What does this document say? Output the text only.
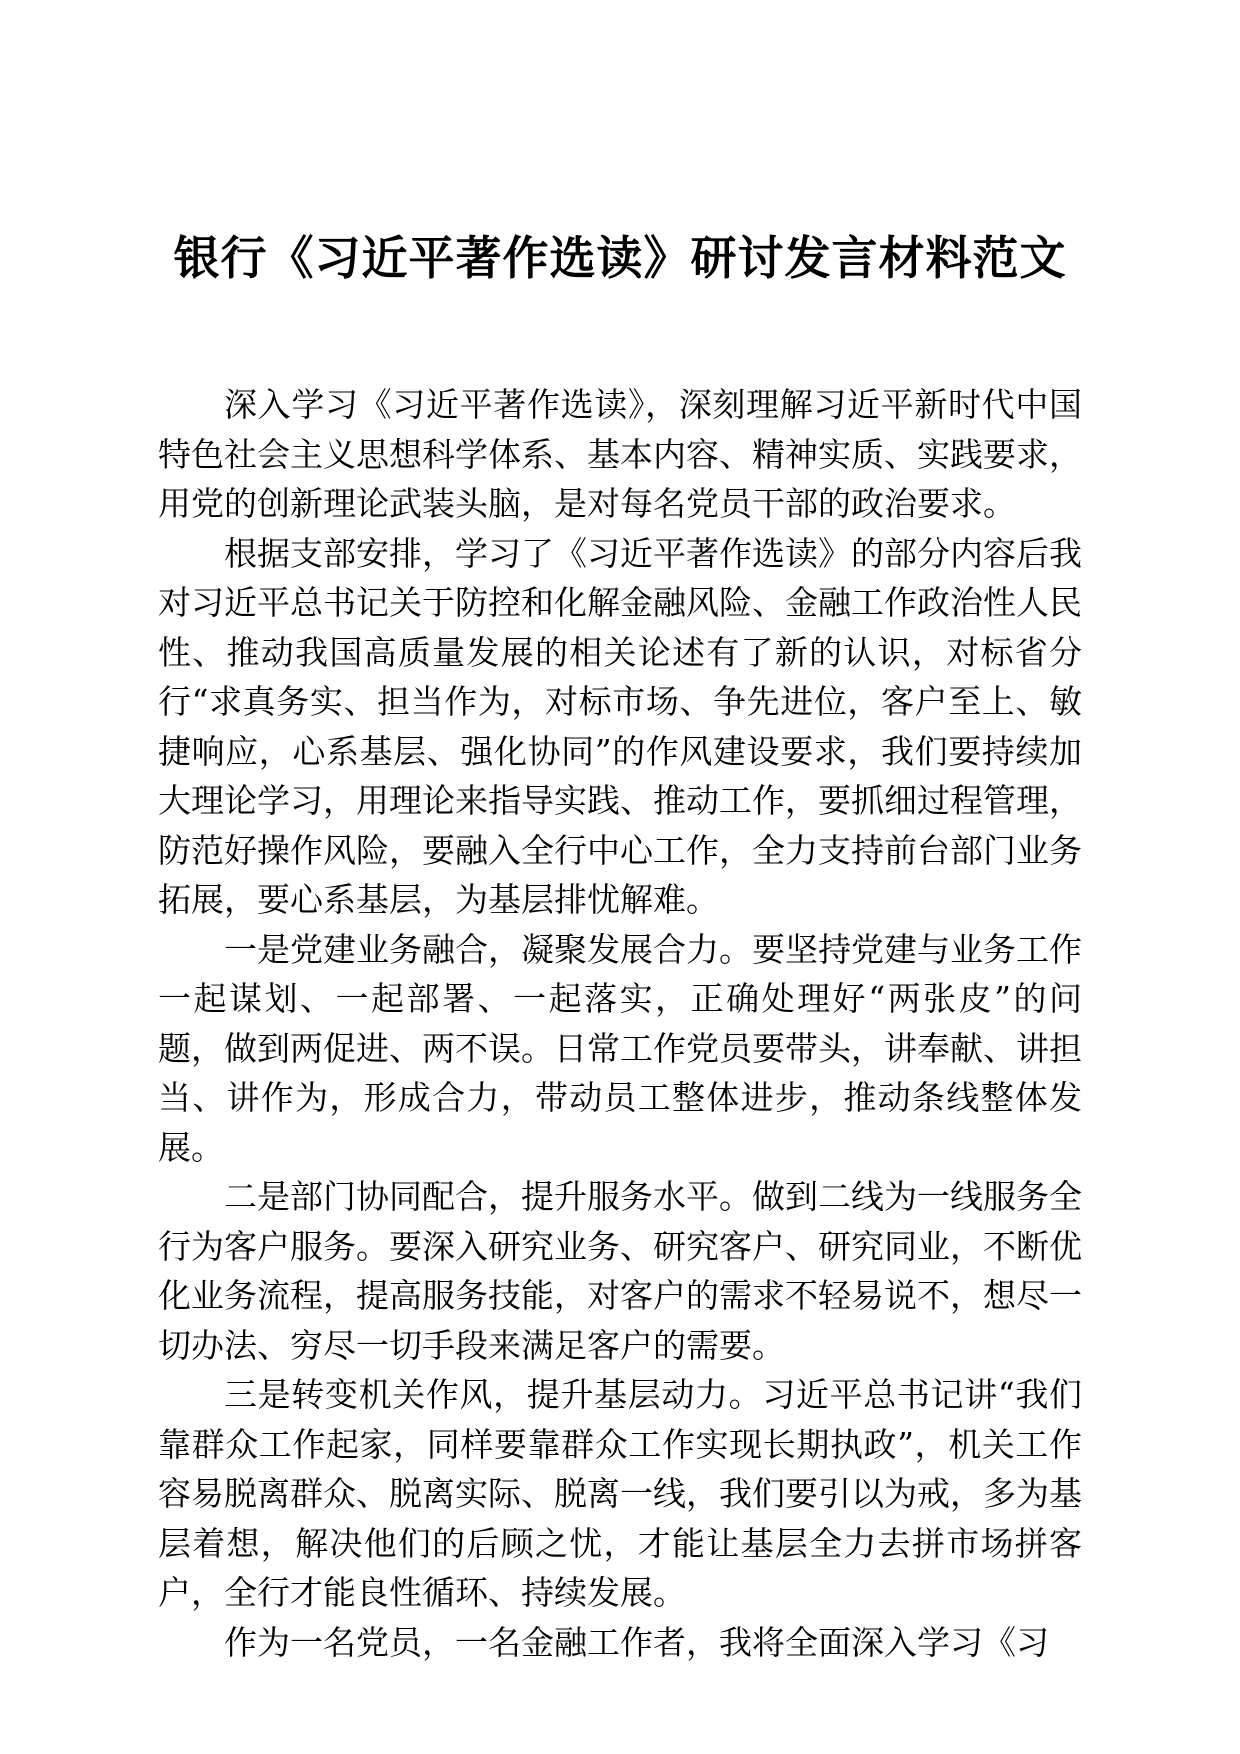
银行《习近平著作选读》研讨发言材料范文

深入学习《习近平著作选读》，深刻理解习近平新时代中国特色社会主义思想科学体系、基本内容、精神实质、实践要求，用党的创新理论武装头脑，是对每名党员干部的政治要求。

根据支部安排，学习了《习近平著作选读》的部分内容后我对习近平总书记关于防控和化解金融风险、金融工作政治性人民性、推动我国高质量发展的相关论述有了新的认识，对标省分行“求真务实、担当作为，对标市场、争先进位，客户至上、敏捷响应，心系基层、强化协同”的作风建设要求，我们要持续加大理论学习，用理论来指导实践、推动工作，要抓细过程管理，防范好操作风险，要融入全行中心工作，全力支持前台部门业务拓展，要心系基层，为基层排忧解难。

一是党建业务融合，凝聚发展合力。要坚持党建与业务工作一起谋划、一起部署、一起落实，正确处理好“两张皮”的问题，做到两促进、两不误。日常工作党员要带头，讲奉献、讲担当、讲作为，形成合力，带动员工整体进步，推动条线整体发展。

二是部门协同配合，提升服务水平。做到二线为一线服务全行为客户服务。要深入研究业务、研究客户、研究同业，不断优化业务流程，提高服务技能，对客户的需求不轻易说不，想尽一切办法、穷尽一切手段来满足客户的需要。

三是转变机关作风，提升基层动力。习近平总书记讲“我们靠群众工作起家，同样要靠群众工作实现长期执政”，机关工作容易脱离群众、脱离实际、脱离一线，我们要引以为戒，多为基层着想，解决他们的后顾之忧，才能让基层全力去拼市场拼客户，全行才能良性循环、持续发展。

作为一名党员，一名金融工作者，我将全面深入学习《习
